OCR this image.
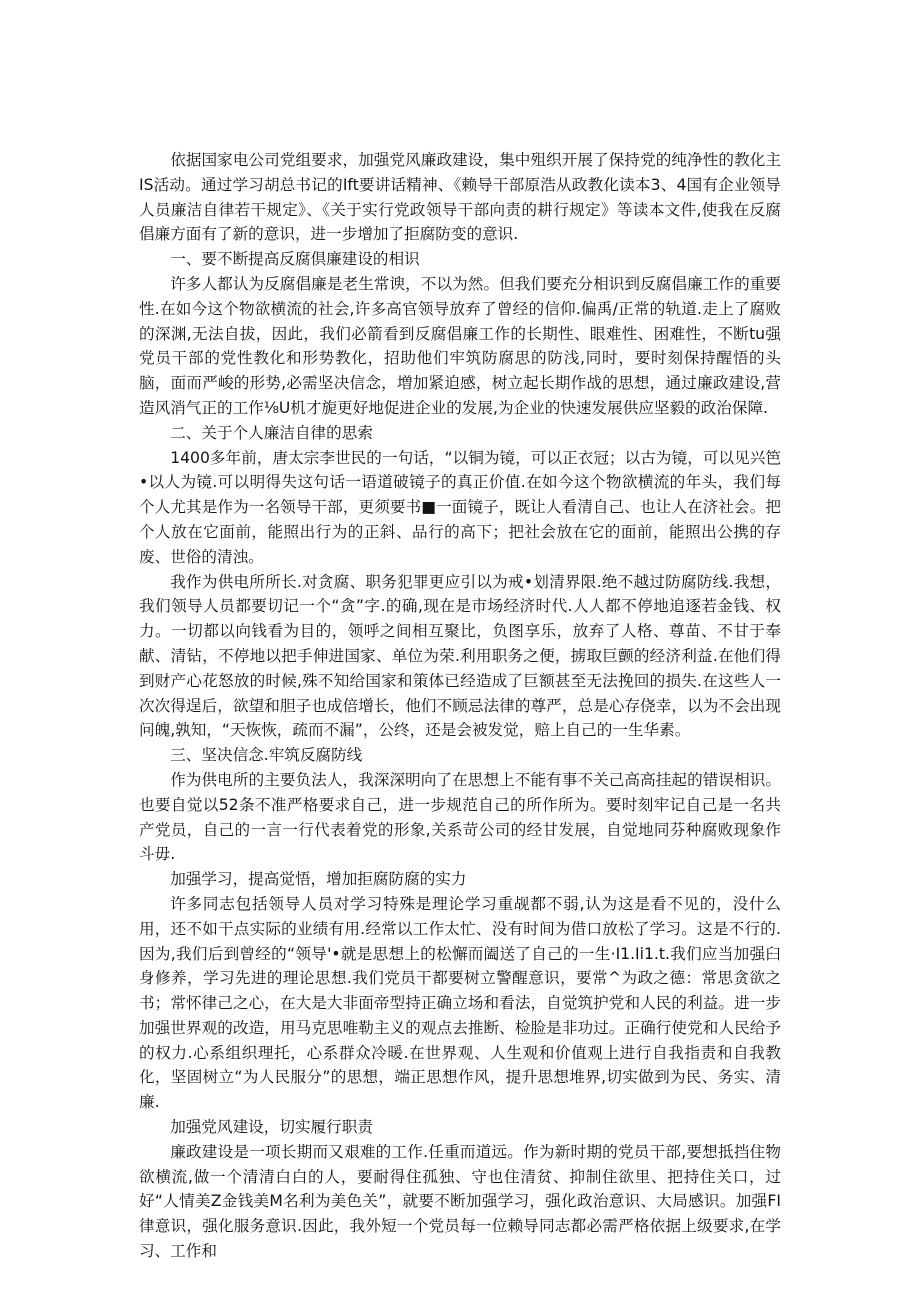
依据国家电公司党组要求，加强党风廉政建设，集中殂织开展了保持党的纯净性的教化主IS活动。通过学习胡总书记的Ift要讲话精神、《赖导干部原浩从政教化读本3、4国有企业领导人员廉洁自律若干规定》、《关于实行党政领导干部向责的耕行规定》等读本文件,使我在反腐倡廉方面有了新的意识，进一步增加了拒腐防变的意识.

一、要不断提高反腐倶廉建设的相识

许多人都认为反腐倡廉是老生常谀，不以为然。但我们要充分相识到反腐倡廉工作的重要性.在如今这个物欲横流的社会,许多高官领导放弃了曾经的信仰.偏禹/正常的轨道.走上了腐败的深渊,无法自拔，因此，我们必箭看到反腐倡廉工作的长期性、眼难性、困难性，不断tu强党员干部的党性教化和形势教化，招助他们牢筑防腐思的防浅,同时，要时刻保持醒悟的头脑，面而严峻的形势,必需坚决信念，増加紧迫感，树立起长期作战的思想，通过廉政建设,营造风消气正的工作⅛U机才旎更好地促进企业的发展,为企业的快速发展供应坚毅的政治保障.

二、关于个人廉洁自律的思索

1400多年前，唐太宗李世民的一句话，“以铜为镜，可以正衣冠；以古为镜，可以见兴笆•以人为镜.可以明得失这句话一语道破镜子的真正价值.在如今这个物欲横流的年头，我们每个人尤其是作为一名领导干部，更须要书■一面镜子，既让人看清自己、也让人在济社会。把个人放在它面前，能照出行为的正斜、品行的高下；把社会放在它的面前，能照出公携的存废、世俗的清浊。

我作为供电所所长.对贪腐、职务犯罪更应引以为戒•划清界限.绝不越过防腐防线.我想，我们领导人员都要切记一个“贪”字.的确,现在是市场经济时代.人人都不停地追逐若金钱、权力。一切都以向钱看为目的，领呼之间相互聚比，负图享乐，放弃了人格、尊苗、不甘于奉献、清钻，不停地以把手伸进国家、单位为荣.利用职务之便，掳取巨颤的经济利益.在他们得到财产心花怒放的时候,殊不知给国家和策体已经造成了巨额甚至无法挽回的损失.在这些人一次次得逞后，欲望和胆子也成倍增长，他们不顾忌法律的尊严，总是心存侥幸，以为不会出现问魄,孰知，“天恢恢，疏而不漏”，公终，还是会被发觉，赔上自己的一生华素。

三、坚决信念.牢筑反腐防线

作为供电所的主要负法人，我深深明向了在思想上不能有事不关己高高挂起的错误相识。也要自觉以52条不准严格要求自己，进一步规范自己的所作所为。要时刻牢记自己是一名共产党员，自己的一言一行代表着党的形象,关系苛公司的经甘发展，自觉地同芬种腐败现象作斗毋.

加强学习，提高觉悟，增加拒腐防腐的实力

许多同志包括领导人员对学习特殊是理论学习重觇都不弱,认为这是看不见的，没什么用，还不如干点实际的业绩有用.经常以工作太忙、没有时间为借口放松了学习。这是不行的.因为,我们后到曾经的“领导'•就是思想上的松懈而阖送了自己的一生·I1.Ii1.t.我们应当加强臼身修养，学习先进的理论思想.我们党员干都要树立警醒意识，要常^为政之德：常思贪欲之书；常怀律己之心，在大是大非面帝型持正确立场和看法，自觉筑护党和人民的利益。进一步加强世界观的改造，用马克思唯勒主义的观点去推断、检脸是非功过。正确行使党和人民给予的权力.心系组织理托，心系群众冷暖.在世界观、人生观和价值观上进行自我指责和自我教化，坚固树立“为人民服分”的思想，端正思想作风，提升思想堆界,切实做到为民、务实、清廉.

加强党风建设，切实履行职责

廉政建设是一项长期而又艰难的工作.任重而道远。作为新时期的党员干部,要想抵挡住物欲横流,做一个清清白白的人，要耐得住孤独、守也住清贫、抑制住欲里、把持住关口，过好“人情美Z金钱美M名利为美色关”，就要不断加强学习，强化政治意识、大局感识。加强FI律意识，强化服务意识.因此，我外短一个党员每一位赖导同志都必需严格依据上级要求,在学习、工作和
